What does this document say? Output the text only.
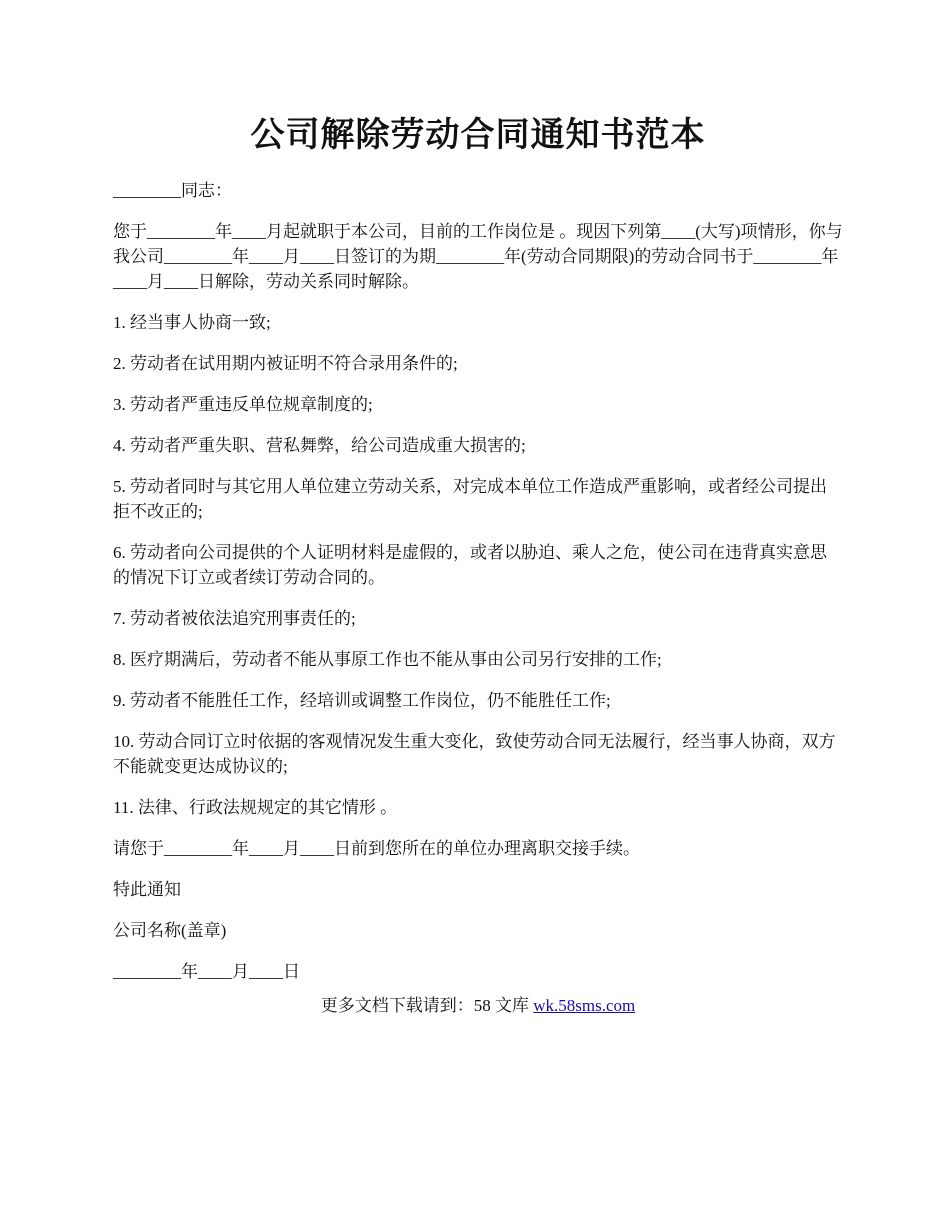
公司解除劳动合同通知书范本

________同志：

您于________年____月起就职于本公司，目前的工作岗位是 。现因下列第____(大写)项情形，你与我公司________年____月____日签订的为期________年(劳动合同期限)的劳动合同书于________年____月____日解除，劳动关系同时解除。

1. 经当事人协商一致;

2. 劳动者在试用期内被证明不符合录用条件的;

3. 劳动者严重违反单位规章制度的;

4. 劳动者严重失职、营私舞弊，给公司造成重大损害的;

5. 劳动者同时与其它用人单位建立劳动关系，对完成本单位工作造成严重影响，或者经公司提出拒不改正的;

6. 劳动者向公司提供的个人证明材料是虚假的，或者以胁迫、乘人之危，使公司在违背真实意思的情况下订立或者续订劳动合同的。

7. 劳动者被依法追究刑事责任的;

8. 医疗期满后，劳动者不能从事原工作也不能从事由公司另行安排的工作;

9. 劳动者不能胜任工作，经培训或调整工作岗位，仍不能胜任工作;

10. 劳动合同订立时依据的客观情况发生重大变化，致使劳动合同无法履行，经当事人协商，双方不能就变更达成协议的;

11. 法律、行政法规规定的其它情形 。

请您于________年____月____日前到您所在的单位办理离职交接手续。

特此通知

公司名称(盖章)

________年____月____日

更多文档下载请到：58 文库 wk.58sms.com
